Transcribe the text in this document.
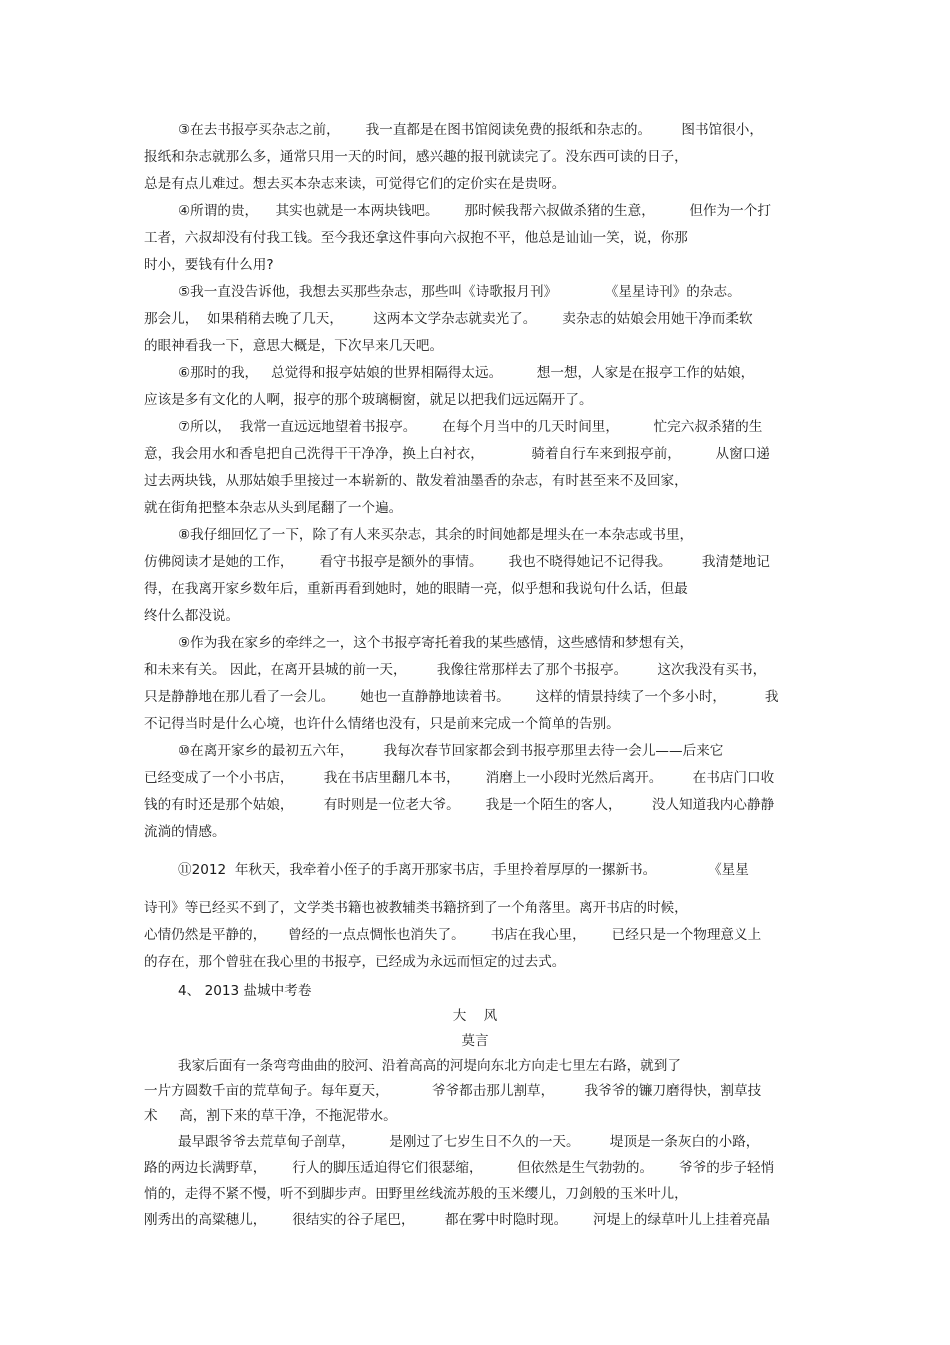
③在去书报亭买杂志之前，      我一直都是在图书馆阅读免费的报纸和杂志的。       图书馆很小，
报纸和杂志就那么多，通常只用一天的时间，感兴趣的报刊就读完了。没东西可读的日子，
总是有点儿难过。想去买本杂志来读，可觉得它们的定价实在是贵呀。
④所谓的贵，    其实也就是一本两块钱吧。      那时候我帮六叔做杀猪的生意，        但作为一个打
工者，六叔却没有付我工钱。至今我还拿这件事向六叔抱不平，他总是讪讪一笑，说，你那
时小，要钱有什么用?
⑤我一直没告诉他，我想去买那些杂志，那些叫《诗歌报月刊》           《星星诗刊》的杂志。
那会儿，  如果稍稍去晚了几天，       这两本文学杂志就卖光了。      卖杂志的姑娘会用她干净而柔软
的眼神看我一下，意思大概是，下次早来几天吧。
⑥那时的我，   总觉得和报亭姑娘的世界相隔得太远。        想一想，人家是在报亭工作的姑娘，
应该是多有文化的人啊，报亭的那个玻璃橱窗，就足以把我们远远隔开了。
⑦所以，  我常一直远远地望着书报亭。      在每个月当中的几天时间里，        忙完六叔杀猪的生
意，我会用水和香皂把自己洗得干干净净，换上白衬衣，           骑着自行车来到报亭前，        从窗口递
过去两块钱，从那姑娘手里接过一本崭新的、散发着油墨香的杂志，有时甚至来不及回家，
就在街角把整本杂志从头到尾翻了一个遍。
⑧我仔细回忆了一下，除了有人来买杂志，其余的时间她都是埋头在一本杂志或书里，
仿佛阅读才是她的工作，      看守书报亭是额外的事情。      我也不晓得她记不记得我。       我清楚地记
得，在我离开家乡数年后，重新再看到她时，她的眼睛一亮，似乎想和我说句什么话，但最
终什么都没说。
⑨作为我在家乡的牵绊之一，这个书报亭寄托着我的某些感情，这些感情和梦想有关，
和未来有关。 因此，在离开县城的前一天，       我像往常那样去了那个书报亭。       这次我没有买书，
只是静静地在那儿看了一会儿。      她也一直静静地读着书。      这样的情景持续了一个多小时，         我
不记得当时是什么心境，也许什么情绪也没有，只是前来完成一个简单的告别。
⑩在离开家乡的最初五六年，       我每次春节回家都会到书报亭那里去待一会儿——后来它
已经变成了一个小书店，       我在书店里翻几本书，      消磨上一小段时光然后离开。       在书店门口收
钱的有时还是那个姑娘，       有时则是一位老大爷。      我是一个陌生的客人，       没人知道我内心静静
流淌的情感。
⑪2012  年秋天，我牵着小侄子的手离开那家书店，手里拎着厚厚的一摞新书。            《星星
诗刊》等已经买不到了，文学类书籍也被教辅类书籍挤到了一个角落里。离开书店的时候，
心情仍然是平静的，     曾经的一点点惆怅也消失了。      书店在我心里，      已经只是一个物理意义上
的存在，那个曾驻在我心里的书报亭，已经成为永远而恒定的过去式。
4、 2013 盐城中考卷
大    风
莫言
我家后面有一条弯弯曲曲的胶河、沿着高高的河堤向东北方向走七里左右路，就到了
一片方圆数千亩的荒草甸子。每年夏天，          爷爷都击那儿割草，       我爷爷的镰刀磨得快，割草技
术     高，割下来的草干净，不拖泥带水。
最早跟爷爷去荒草甸子剖草，        是刚过了七岁生日不久的一天。       堤顶是一条灰白的小路，
路的两边长满野草，      行人的脚压适迫得它们很瑟缩，        但依然是生气勃勃的。      爷爷的步子轻悄
悄的，走得不紧不慢，听不到脚步声。田野里丝线流苏般的玉米缨儿，刀剑般的玉米叶儿，
刚秀出的高粱穗儿，      很结实的谷子尾巴，       都在雾中时隐时现。      河堤上的绿草叶儿上挂着亮晶
